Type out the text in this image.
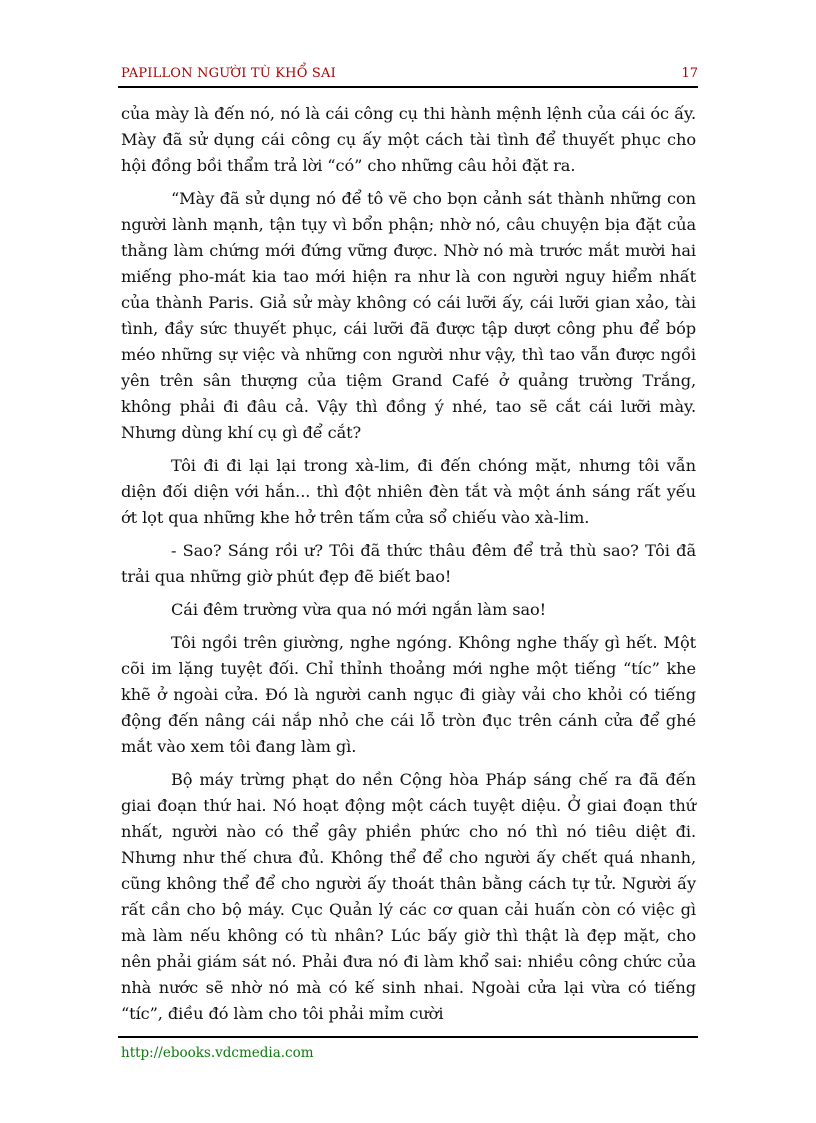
PAPILLON NGƯỜI TÙ KHỔ SAI	17

của mày là đến nó, nó là cái công cụ thi hành mệnh lệnh của cái óc ấy. Mày đã sử dụng cái công cụ ấy một cách tài tình để thuyết phục cho hội đồng bồi thẩm trả lời “có” cho những câu hỏi đặt ra.

“Mày đã sử dụng nó để tô vẽ cho bọn cảnh sát thành những con người lành mạnh, tận tụy vì bổn phận; nhờ nó, câu chuyện bịa đặt của thằng làm chứng mới đứng vững được. Nhờ nó mà trước mắt mười hai miếng pho-mát kia tao mới hiện ra như là con người nguy hiểm nhất của thành Paris. Giả sử mày không có cái lưỡi ấy, cái lưỡi gian xảo, tài tình, đầy sức thuyết phục, cái lưỡi đã được tập dượt công phu để bóp méo những sự việc và những con người như vậy, thì tao vẫn được ngồi yên trên sân thượng của tiệm Grand Café ở quảng trường Trắng, không phải đi đâu cả. Vậy thì đồng ý nhé, tao sẽ cắt cái lưỡi mày. Nhưng dùng khí cụ gì để cắt?

Tôi đi đi lại lại trong xà-lim, đi đến chóng mặt, nhưng tôi vẫn diện đối diện với hắn... thì đột nhiên đèn tắt và một ánh sáng rất yếu ớt lọt qua những khe hở trên tấm cửa sổ chiếu vào xà-lim.

- Sao? Sáng rồi ư? Tôi đã thức thâu đêm để trả thù sao? Tôi đã trải qua những giờ phút đẹp đẽ biết bao!

Cái đêm trường vừa qua nó mới ngắn làm sao!

Tôi ngồi trên giường, nghe ngóng. Không nghe thấy gì hết. Một cõi im lặng tuyệt đối. Chỉ thỉnh thoảng mới nghe một tiếng “tíc” khe khẽ ở ngoài cửa. Đó là người canh ngục đi giày vải cho khỏi có tiếng động đến nâng cái nắp nhỏ che cái lỗ tròn đục trên cánh cửa để ghé mắt vào xem tôi đang làm gì.

Bộ máy trừng phạt do nền Cộng hòa Pháp sáng chế ra đã đến giai đoạn thứ hai. Nó hoạt động một cách tuyệt diệu. Ở giai đoạn thứ nhất, người nào có thể gây phiền phức cho nó thì nó tiêu diệt đi. Nhưng như thế chưa đủ. Không thể để cho người ấy chết quá nhanh, cũng không thể để cho người ấy thoát thân bằng cách tự tử. Người ấy rất cần cho bộ máy. Cục Quản lý các cơ quan cải huấn còn có việc gì mà làm nếu không có tù nhân? Lúc bấy giờ thì thật là đẹp mặt, cho nên phải giám sát nó. Phải đưa nó đi làm khổ sai: nhiều công chức của nhà nước sẽ nhờ nó mà có kế sinh nhai. Ngoài cửa lại vừa có tiếng “tíc”, điều đó làm cho tôi phải mỉm cười

http://ebooks.vdcmedia.com
